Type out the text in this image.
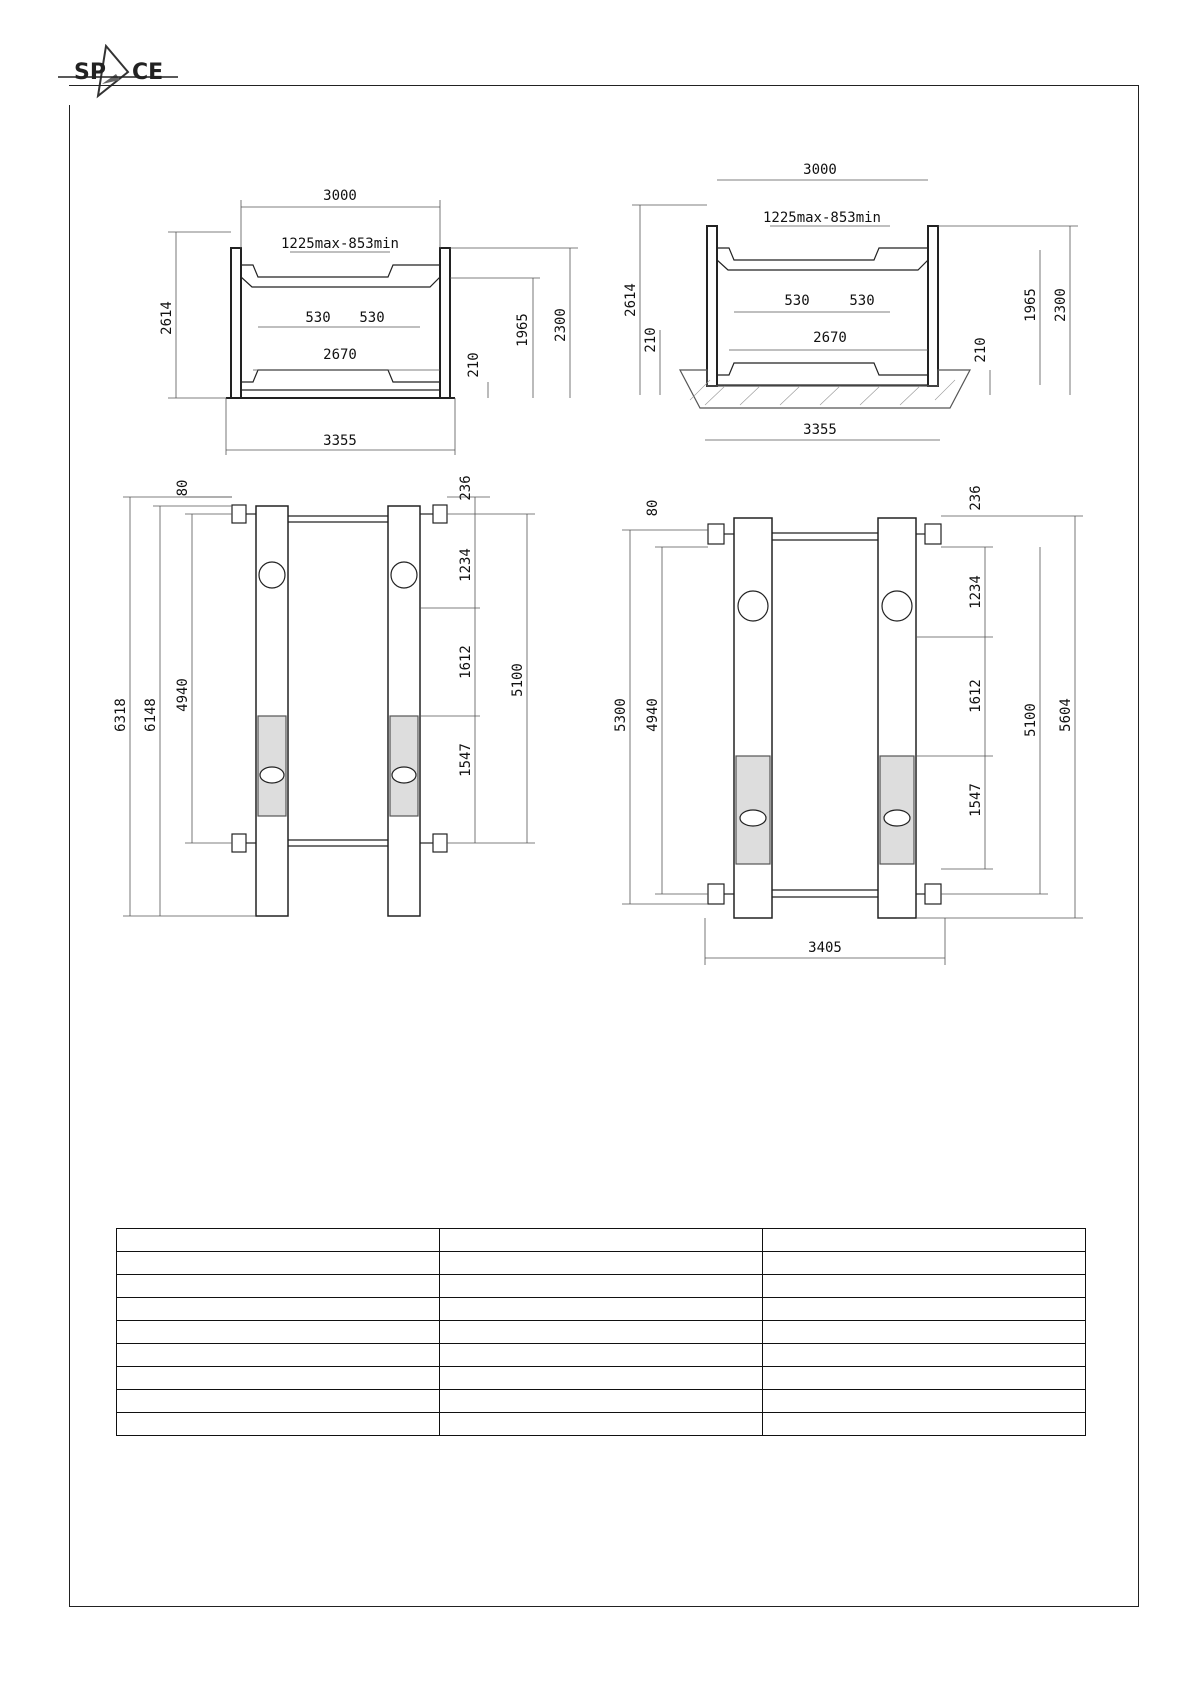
SP CE
3000
1225max-853min
530 530
2670
3355
2614	1965 2300
210
3000
1225max-853min
530	530
2670
3355
2614
210
1965 2300
210
6318 6148
4940
80	236
1234
1612
1547
5100
5300 4940
80	236
1234
1612
1547
5100 5604
3405
